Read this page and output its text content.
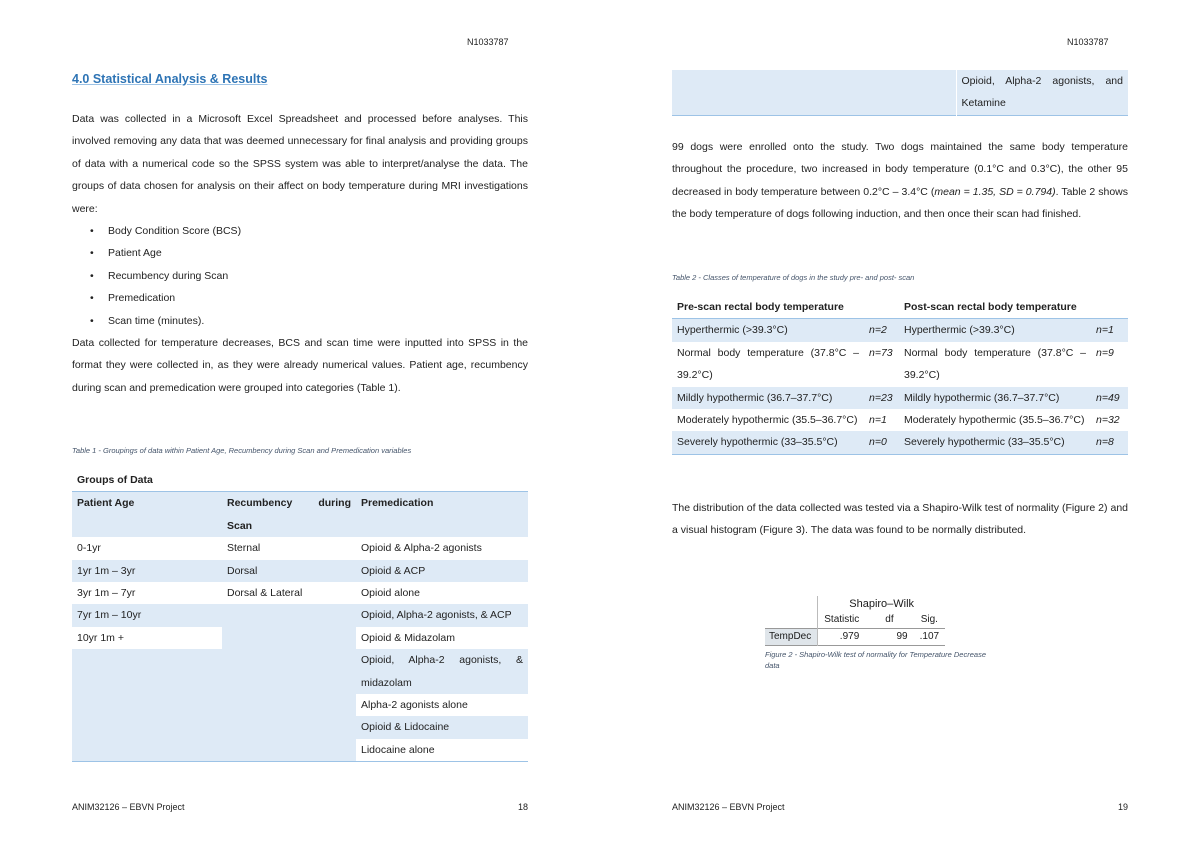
N1033787
4.0 Statistical Analysis & Results

Data was collected in a Microsoft Excel Spreadsheet and processed before analyses. This involved removing any data that was deemed unnecessary for final analysis and providing groups of data with a numerical code so the SPSS system was able to interpret/analyse the data. The groups of data chosen for analysis on their affect on body temperature during MRI investigations were:

• Body Condition Score (BCS)
• Patient Age
• Recumbency during Scan
• Premedication
• Scan time (minutes).

Data collected for temperature decreases, BCS and scan time were inputted into SPSS in the format they were collected in, as they were already numerical values. Patient age, recumbency during scan and premedication were grouped into categories (Table 1).

Table 1 - Groupings of data within Patient Age, Recumbency during Scan and Premedication variables
Groups of Data		
Patient Age	Recumbency during Scan	Premedication
0-1yr	Sternal	Opioid & Alpha-2 agonists
1yr 1m – 3yr	Dorsal	Opioid & ACP
3yr 1m – 7yr	Dorsal & Lateral	Opioid alone
7yr 1m – 10yr		Opioid, Alpha-2 agonists, & ACP
10yr 1m +		Opioid & Midazolam
		Opioid, Alpha-2 agonists, & midazolam
		Alpha-2 agonists alone
		Opioid & Lidocaine
		Lidocaine alone
ANIM32126 – EBVN Project	18
N1033787
	Opioid, Alpha-2 agonists, and Ketamine

99 dogs were enrolled onto the study. Two dogs maintained the same body temperature throughout the procedure, two increased in body temperature (0.1°C and 0.3°C), the other 95 decreased in body temperature between 0.2°C – 3.4°C (mean = 1.35, SD = 0.794). Table 2 shows the body temperature of dogs following induction, and then once their scan had finished.

Table 2 - Classes of temperature of dogs in the study pre- and post- scan
Pre-scan rectal body temperature		Post-scan rectal body temperature	
Hyperthermic (>39.3°C)	n=2	Hyperthermic (>39.3°C)	n=1
Normal body temperature (37.8°C – 39.2°C)	n=73	Normal body temperature (37.8°C – 39.2°C)	n=9
Mildly hypothermic (36.7–37.7°C)	n=23	Mildly hypothermic (36.7–37.7°C)	n=49
Moderately hypothermic (35.5–36.7°C)	n=1	Moderately hypothermic (35.5–36.7°C)	n=32
Severely hypothermic (33–35.5°C)	n=0	Severely hypothermic (33–35.5°C)	n=8

The distribution of the data collected was tested via a Shapiro-Wilk test of normality (Figure 2) and a visual histogram (Figure 3). The data was found to be normally distributed.

	Shapiro–Wilk		
	Statistic	df	Sig.
TempDec	.979	99	.107
Figure 2 - Shapiro-Wilk test of normality for Temperature Decrease data
ANIM32126 – EBVN Project	19
